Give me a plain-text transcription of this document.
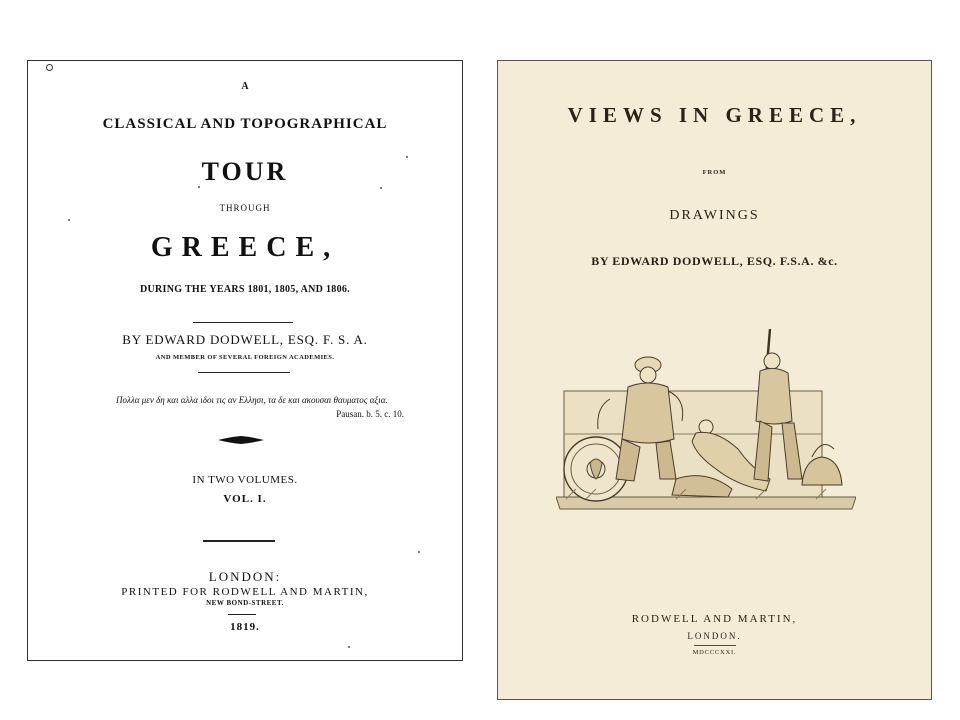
A
CLASSICAL AND TOPOGRAPHICAL
TOUR
THROUGH
GREECE,
DURING THE YEARS 1801, 1805, AND 1806.
BY EDWARD DODWELL, ESQ. F. S. A.
AND MEMBER OF SEVERAL FOREIGN ACADEMIES.
Πολλα μεν δη και αλλα ιδοι τις αν Ελλησι, τα δε και ακουσαι θαυματος αξια.
Pausan. b. 5. c. 10.
IN TWO VOLUMES.
VOL. I.
LONDON:
PRINTED FOR RODWELL AND MARTIN,
NEW BOND-STREET.
1819.
VIEWS IN GREECE,
FROM
DRAWINGS
BY EDWARD DODWELL, ESQ. F.S.A. &c.
RODWELL AND MARTIN,
LONDON.
MDCCCXXI.
